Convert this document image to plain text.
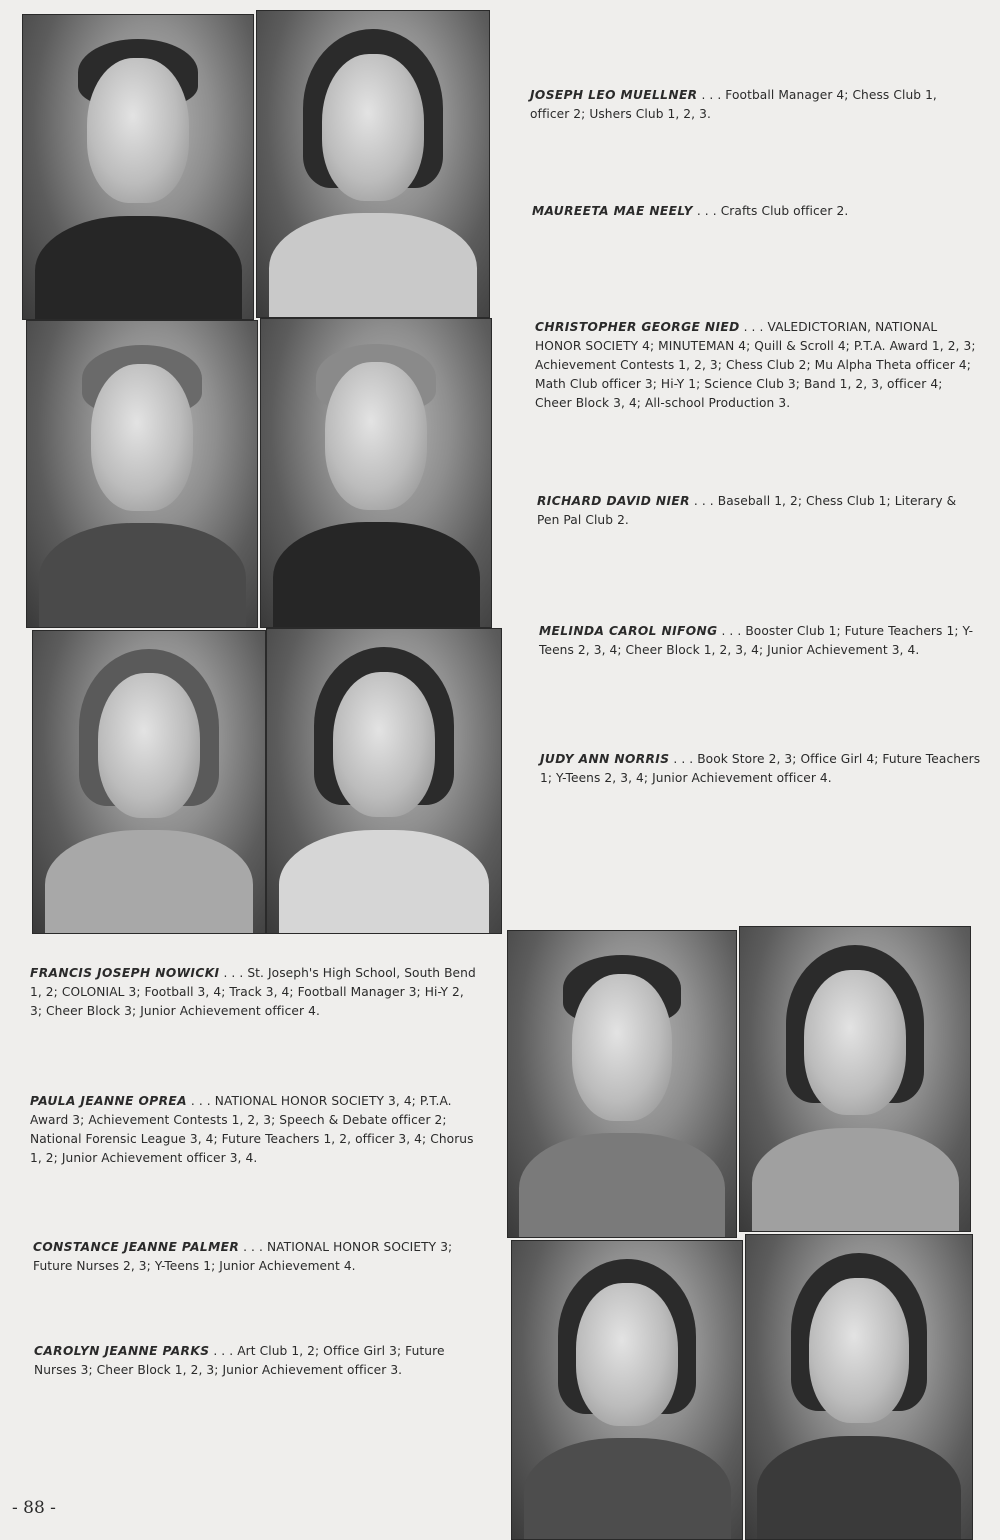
JOSEPH LEO MUELLNER . . . Football Manager 4; Chess Club 1, officer 2; Ushers Club 1, 2, 3.
MAUREETA MAE NEELY . . . Crafts Club officer 2.
CHRISTOPHER GEORGE NIED . . . VALEDICTORIAN, NATIONAL HONOR SOCIETY 4; MINUTEMAN 4; Quill & Scroll 4; P.T.A. Award 1, 2, 3; Achievement Contests 1, 2, 3; Chess Club 2; Mu Alpha Theta officer 4; Math Club officer 3; Hi-Y 1; Science Club 3; Band 1, 2, 3, officer 4; Cheer Block 3, 4; All-school Production 3.
RICHARD DAVID NIER . . . Baseball 1, 2; Chess Club 1; Literary & Pen Pal Club 2.
MELINDA CAROL NIFONG . . . Booster Club 1; Future Teachers 1; Y-Teens 2, 3, 4; Cheer Block 1, 2, 3, 4; Junior Achievement 3, 4.
JUDY ANN NORRIS . . . Book Store 2, 3; Office Girl 4; Future Teachers 1; Y-Teens 2, 3, 4; Junior Achievement officer 4.
FRANCIS JOSEPH NOWICKI . . . St. Joseph's High School, South Bend 1, 2; COLONIAL 3; Football 3, 4; Track 3, 4; Football Manager 3; Hi-Y 2, 3; Cheer Block 3; Junior Achievement officer 4.
PAULA JEANNE OPREA . . . NATIONAL HONOR SOCIETY 3, 4; P.T.A. Award 3; Achievement Contests 1, 2, 3; Speech & Debate officer 2; National Forensic League 3, 4; Future Teachers 1, 2, officer 3, 4; Chorus 1, 2; Junior Achievement officer 3, 4.
CONSTANCE JEANNE PALMER . . . NATIONAL HONOR SOCIETY 3; Future Nurses 2, 3; Y-Teens 1; Junior Achievement 4.
CAROLYN JEANNE PARKS . . . Art Club 1, 2; Office Girl 3; Future Nurses 3; Cheer Block 1, 2, 3; Junior Achievement officer 3.
- 88 -
